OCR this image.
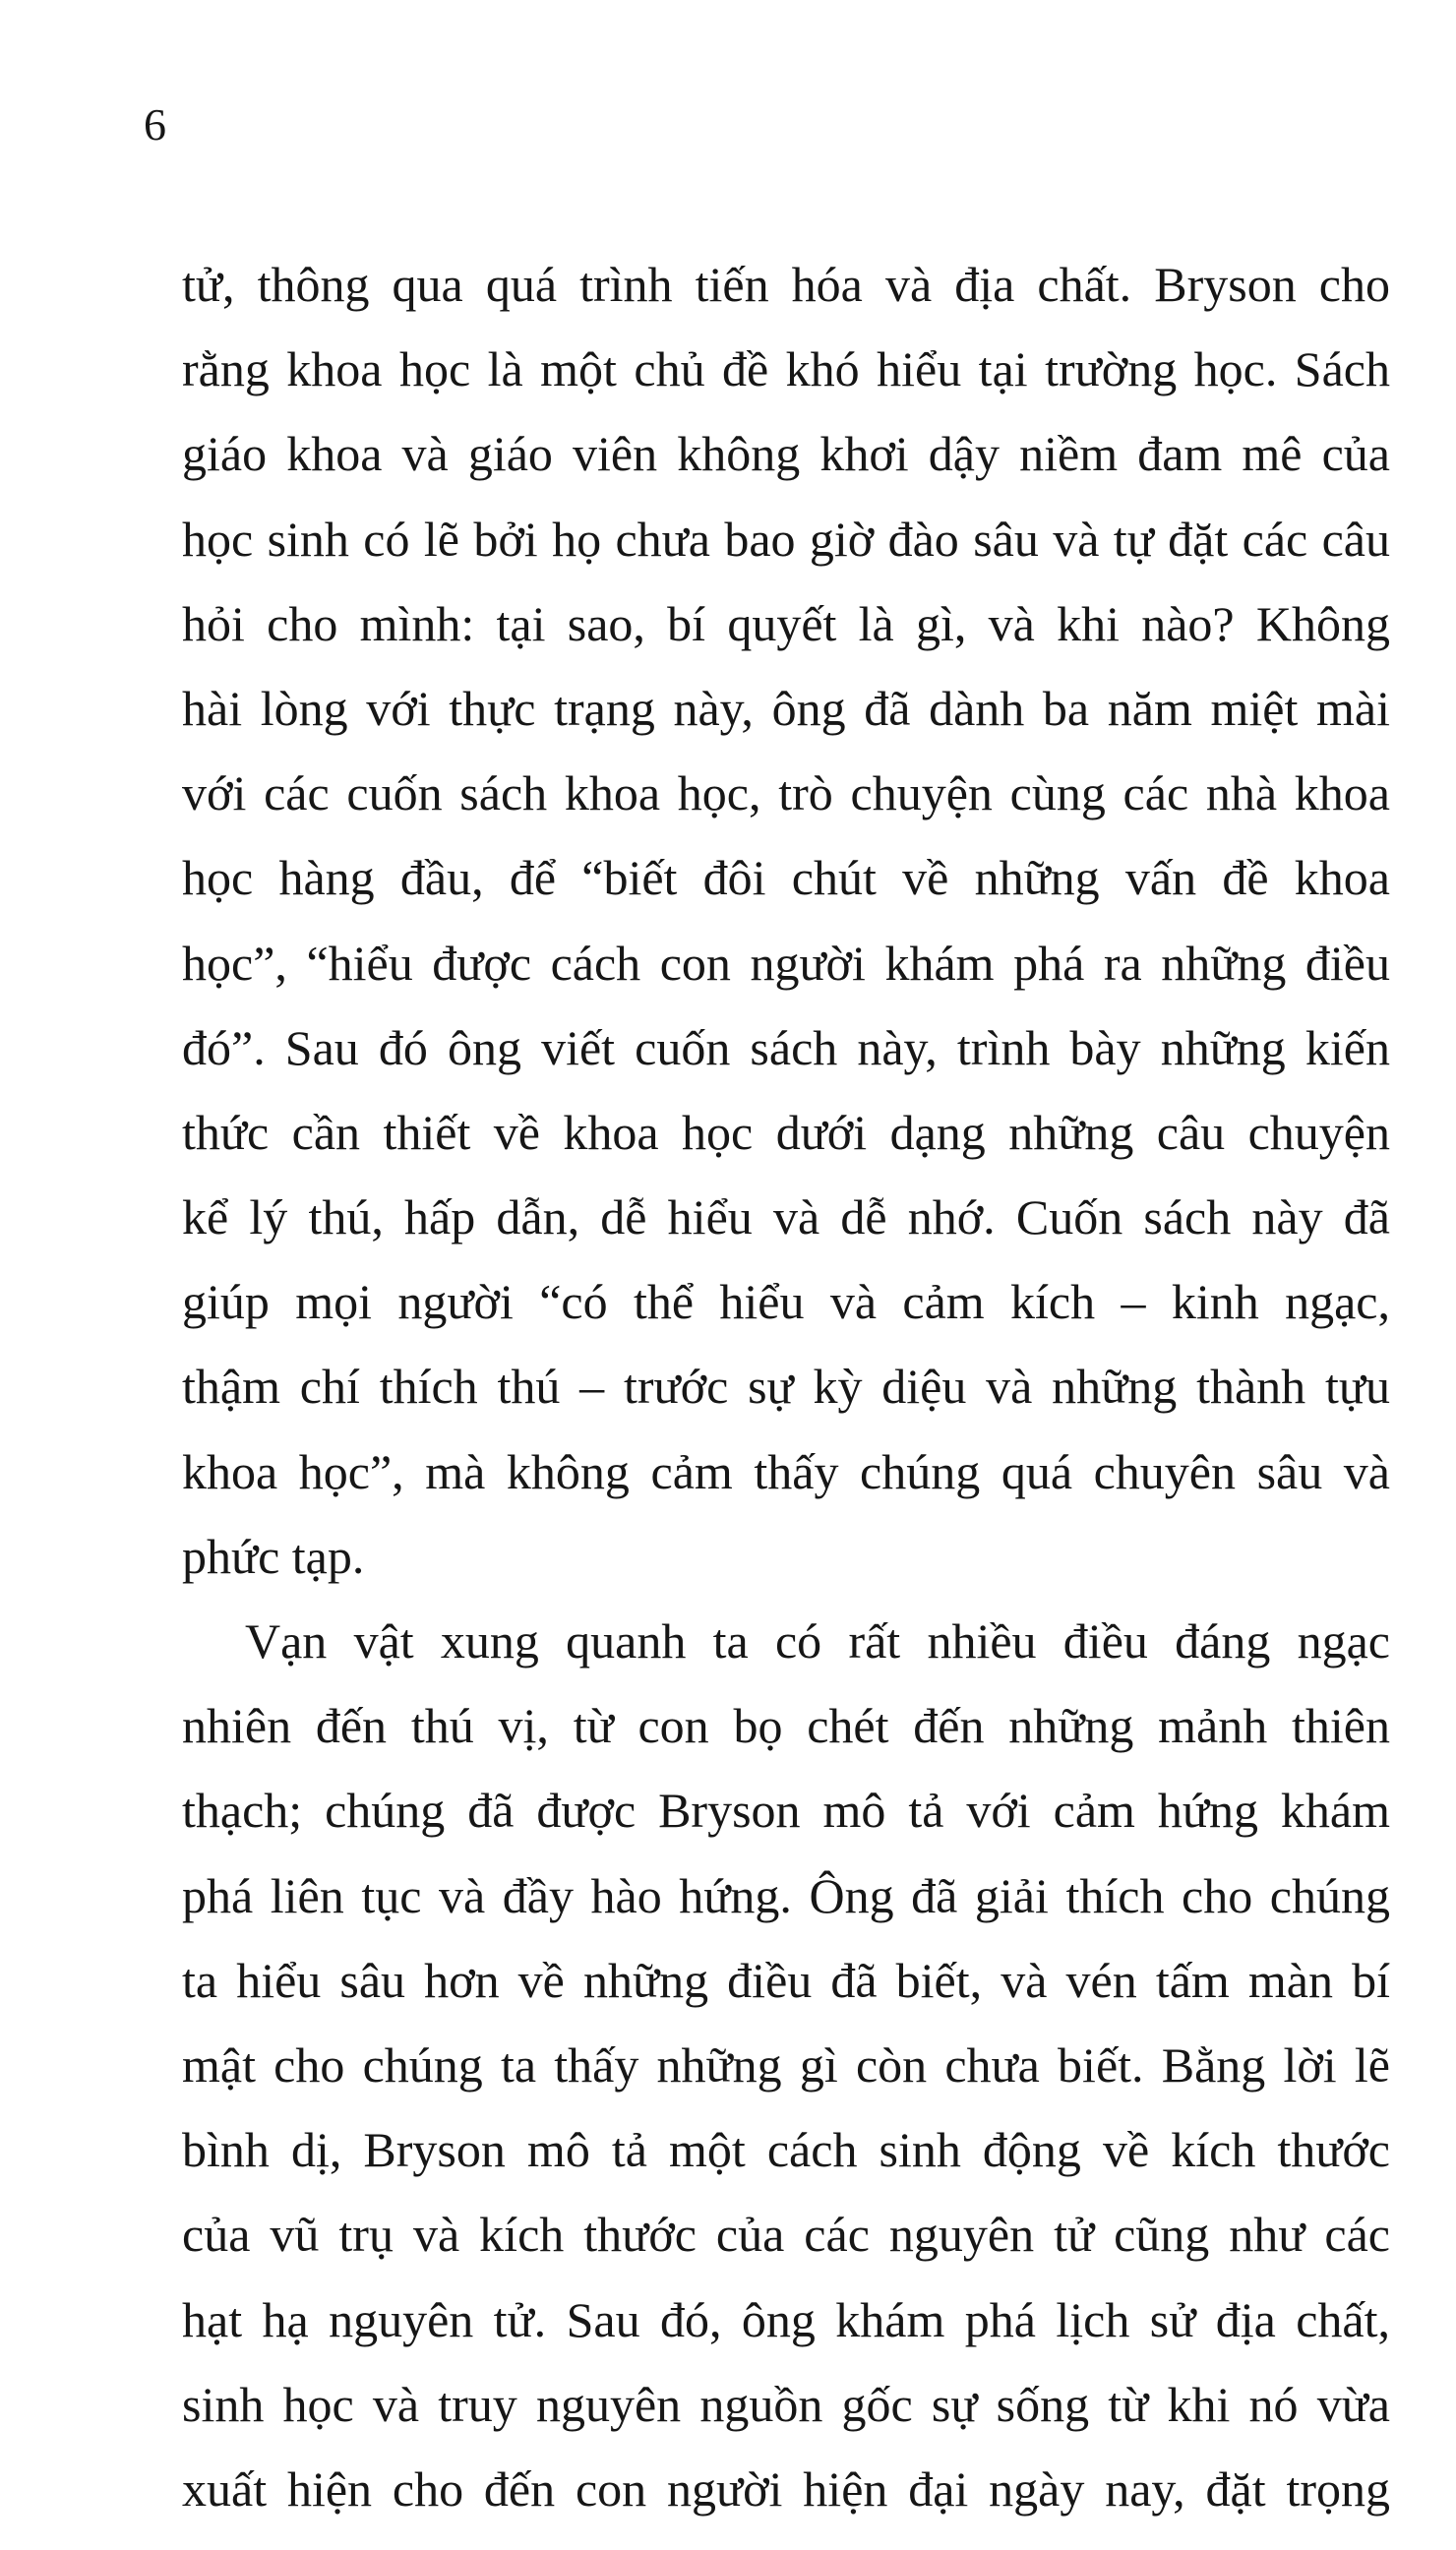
6
tử, thông qua quá trình tiến hóa và địa chất. Bryson cho
rằng khoa học là một chủ đề khó hiểu tại trường học. Sách
giáo khoa và giáo viên không khơi dậy niềm đam mê của
học sinh có lẽ bởi họ chưa bao giờ đào sâu và tự đặt các câu
hỏi cho mình: tại sao, bí quyết là gì, và khi nào? Không
hài lòng với thực trạng này, ông đã dành ba năm miệt mài
với các cuốn sách khoa học, trò chuyện cùng các nhà khoa
học hàng đầu, để “biết đôi chút về những vấn đề khoa
học”, “hiểu được cách con người khám phá ra những điều
đó”. Sau đó ông viết cuốn sách này, trình bày những kiến
thức cần thiết về khoa học dưới dạng những câu chuyện
kể lý thú, hấp dẫn, dễ hiểu và dễ nhớ. Cuốn sách này đã
giúp mọi người “có thể hiểu và cảm kích – kinh ngạc,
thậm chí thích thú – trước sự kỳ diệu và những thành tựu
khoa học”, mà không cảm thấy chúng quá chuyên sâu và
phức tạp.
Vạn vật xung quanh ta có rất nhiều điều đáng ngạc
nhiên đến thú vị, từ con bọ chét đến những mảnh thiên
thạch; chúng đã được Bryson mô tả với cảm hứng khám
phá liên tục và đầy hào hứng. Ông đã giải thích cho chúng
ta hiểu sâu hơn về những điều đã biết, và vén tấm màn bí
mật cho chúng ta thấy những gì còn chưa biết. Bằng lời lẽ
bình dị, Bryson mô tả một cách sinh động về kích thước
của vũ trụ và kích thước của các nguyên tử cũng như các
hạt hạ nguyên tử. Sau đó, ông khám phá lịch sử địa chất,
sinh học và truy nguyên nguồn gốc sự sống từ khi nó vừa
xuất hiện cho đến con người hiện đại ngày nay, đặt trọng
